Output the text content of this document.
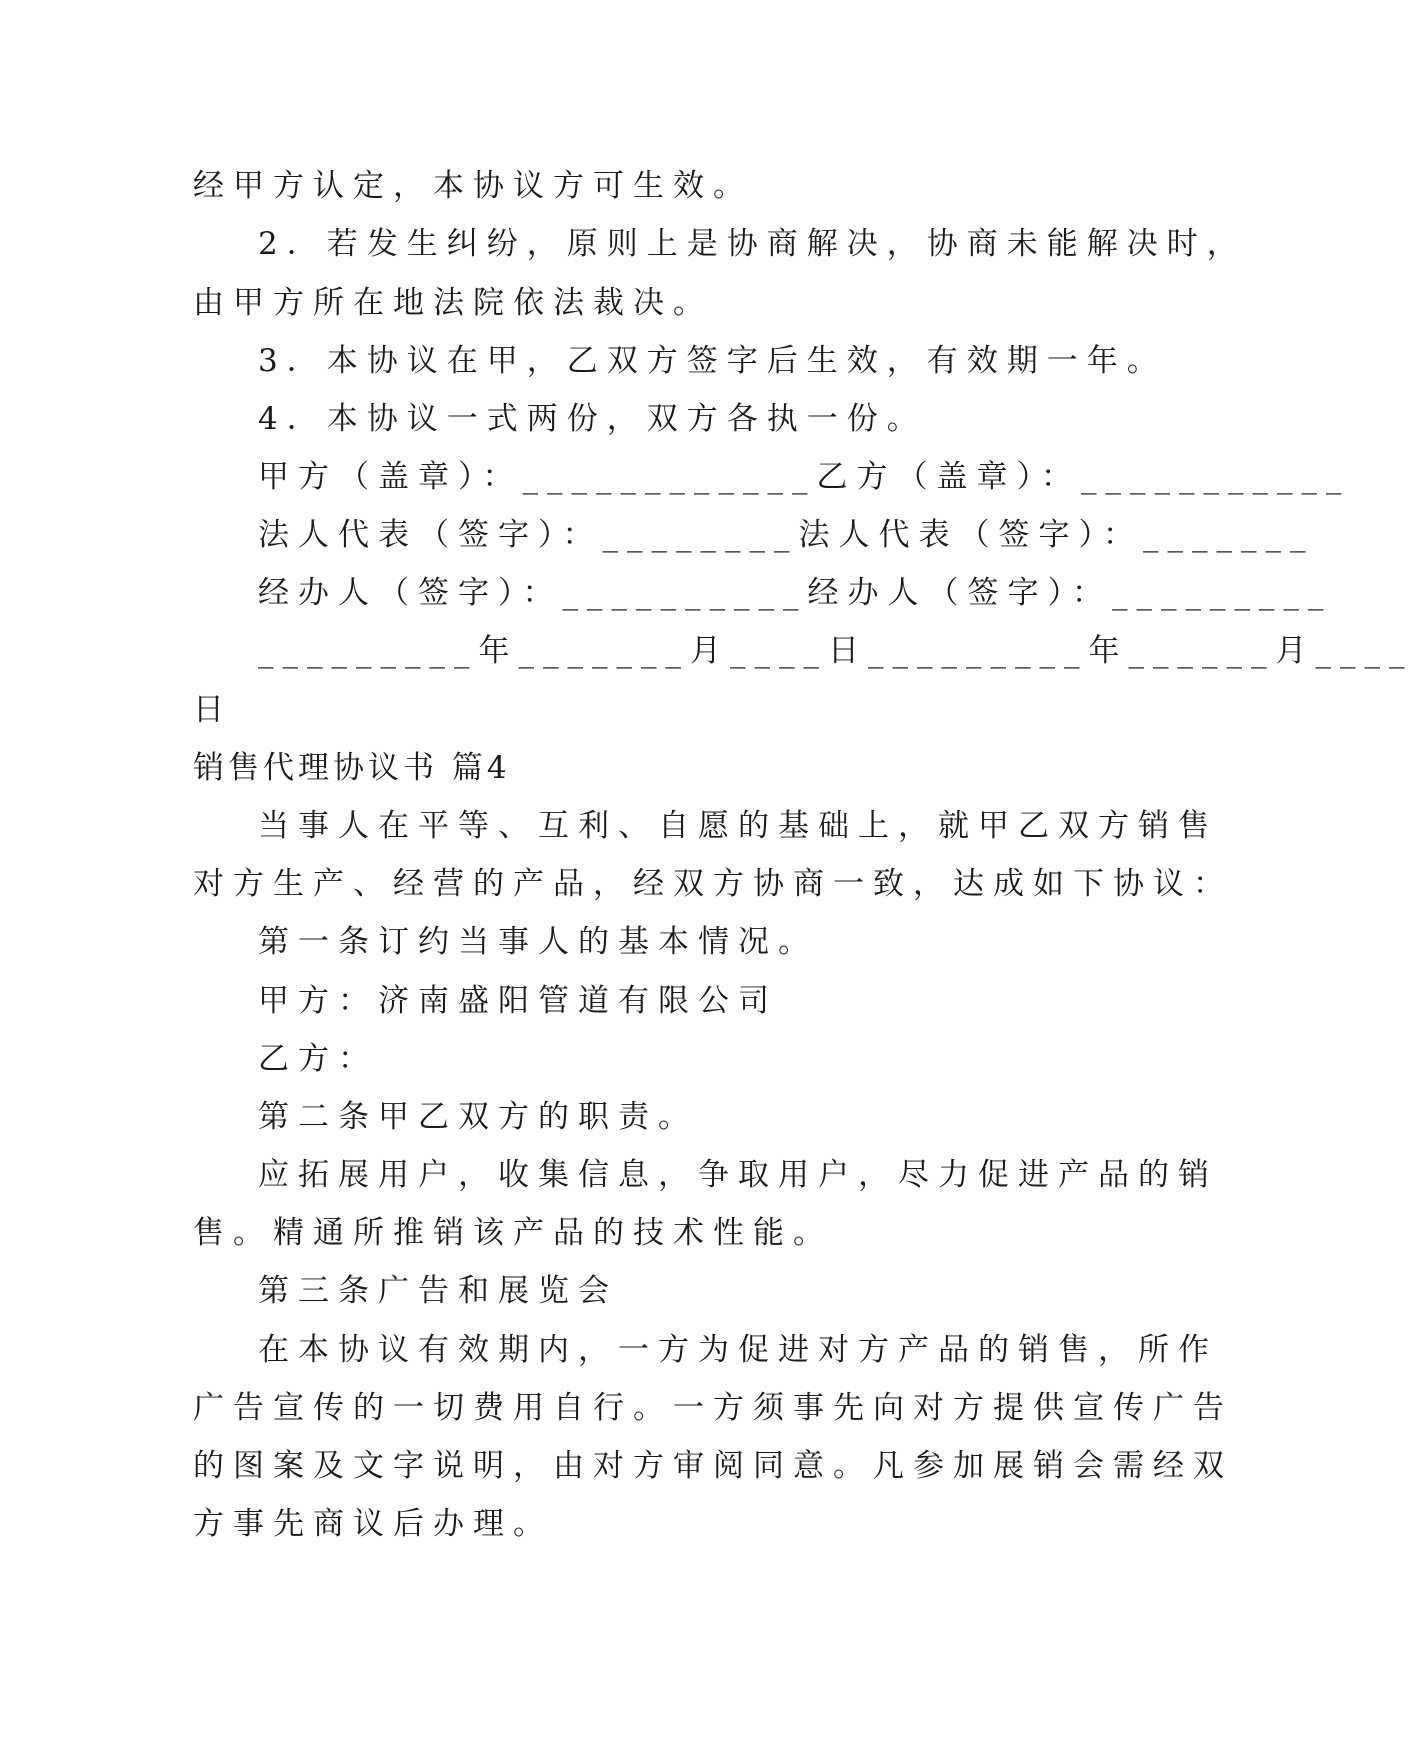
经甲方认定，本协议方可生效。
2．若发生纠纷，原则上是协商解决，协商未能解决时，
由甲方所在地法院依法裁决。
3．本协议在甲，乙双方签字后生效，有效期一年。
4．本协议一式两份，双方各执一份。
甲方（盖章）：____________乙方（盖章）：___________
法人代表（签字）：________法人代表（签字）：_______
经办人（签字）：__________经办人（签字）：_________
_________年_______月____日_________年______月____
日
销售代理协议书 篇4
当事人在平等、互利、自愿的基础上，就甲乙双方销售
对方生产、经营的产品，经双方协商一致，达成如下协议：
第一条订约当事人的基本情况。
甲方：济南盛阳管道有限公司
乙方：
第二条甲乙双方的职责。
应拓展用户，收集信息，争取用户，尽力促进产品的销
售。精通所推销该产品的技术性能。
第三条广告和展览会
在本协议有效期内，一方为促进对方产品的销售，所作
广告宣传的一切费用自行。一方须事先向对方提供宣传广告
的图案及文字说明，由对方审阅同意。凡参加展销会需经双
方事先商议后办理。
